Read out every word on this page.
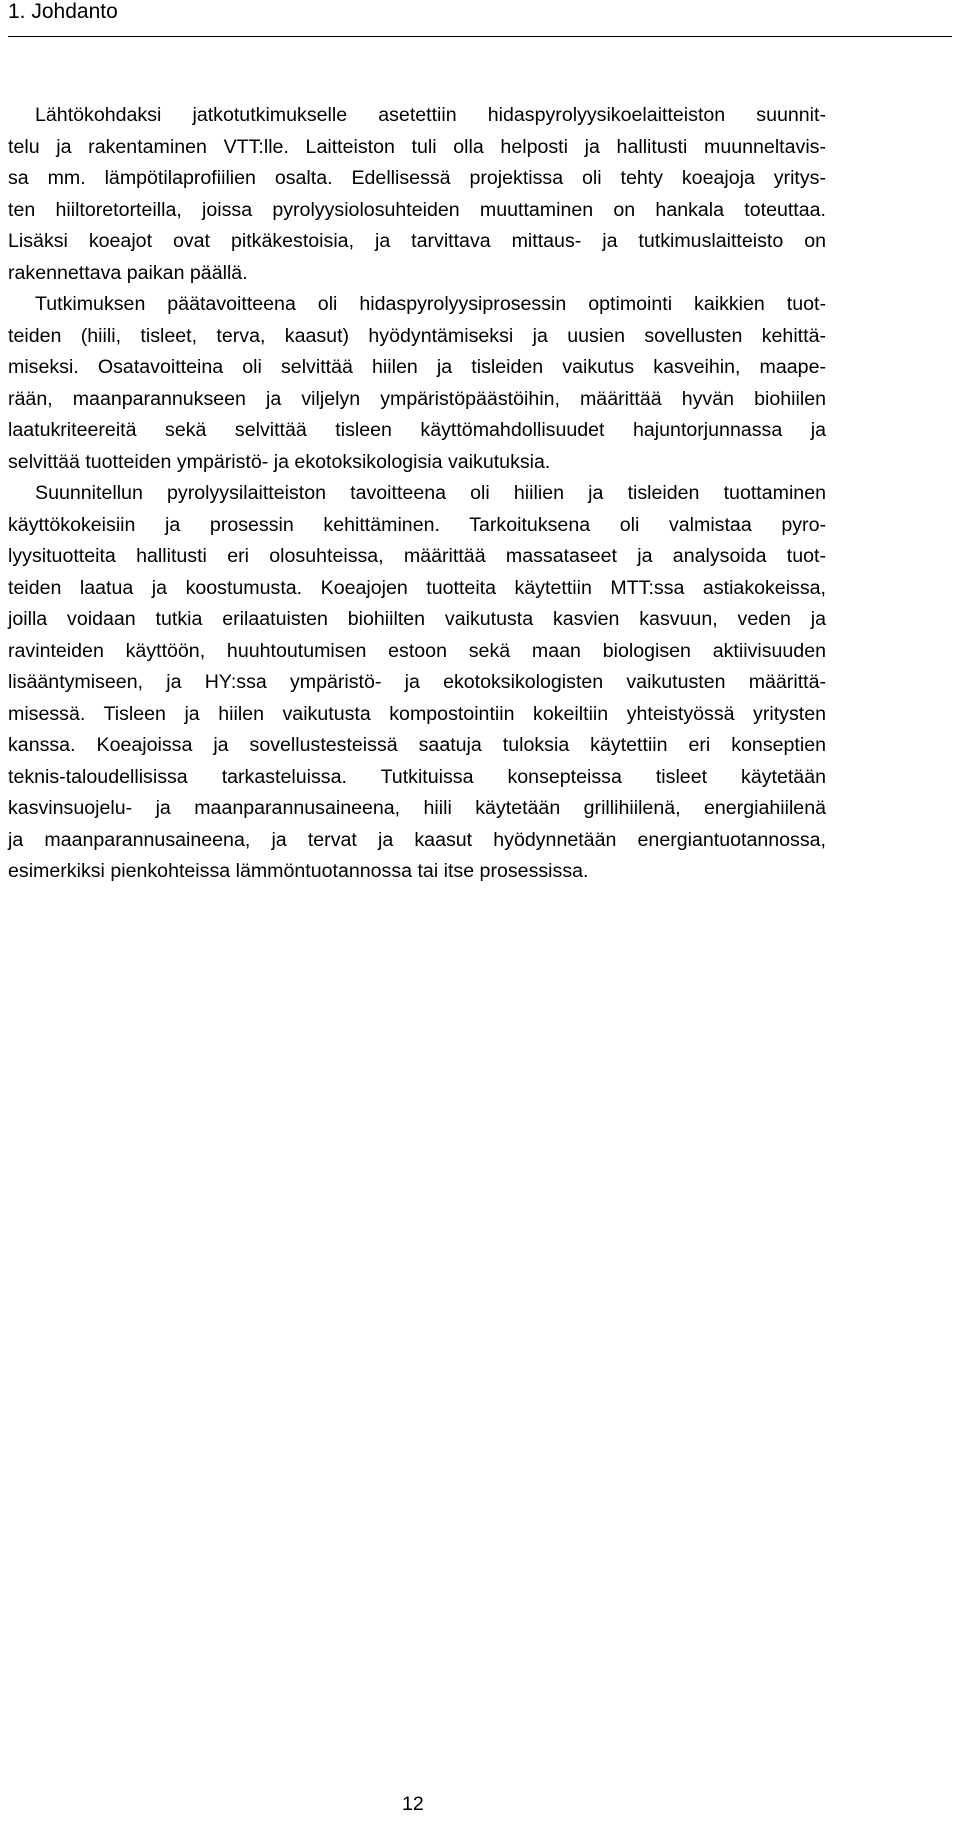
1. Johdanto
Lähtökohdaksi jatkotutkimukselle asetettiin hidaspyrolyysikoelaitteiston suunnit-
telu ja rakentaminen VTT:lle. Laitteiston tuli olla helposti ja hallitusti muunneltavis-
sa mm. lämpötilaprofiilien osalta. Edellisessä projektissa oli tehty koeajoja yritys-
ten hiiltoretorteilla, joissa pyrolyysiolosuhteiden muuttaminen on hankala toteuttaa.
Lisäksi koeajot ovat pitkäkestoisia, ja tarvittava mittaus- ja tutkimuslaitteisto on
rakennettava paikan päällä.
Tutkimuksen päätavoitteena oli hidaspyrolyysiprosessin optimointi kaikkien tuot-
teiden (hiili, tisleet, terva, kaasut) hyödyntämiseksi ja uusien sovellusten kehittä-
miseksi. Osatavoitteina oli selvittää hiilen ja tisleiden vaikutus kasveihin, maape-
rään, maanparannukseen ja viljelyn ympäristöpäästöihin, määrittää hyvän biohiilen
laatukriteereitä sekä selvittää tisleen käyttömahdollisuudet hajuntorjunnassa ja
selvittää tuotteiden ympäristö- ja ekotoksikologisia vaikutuksia.
Suunnitellun pyrolyysilaitteiston tavoitteena oli hiilien ja tisleiden tuottaminen
käyttökokeisiin ja prosessin kehittäminen. Tarkoituksena oli valmistaa pyro-
lyysituotteita hallitusti eri olosuhteissa, määrittää massataseet ja analysoida tuot-
teiden laatua ja koostumusta. Koeajojen tuotteita käytettiin MTT:ssa astiakokeissa,
joilla voidaan tutkia erilaatuisten biohiilten vaikutusta kasvien kasvuun, veden ja
ravinteiden käyttöön, huuhtoutumisen estoon sekä maan biologisen aktiivisuuden
lisääntymiseen, ja HY:ssa ympäristö- ja ekotoksikologisten vaikutusten määrittä-
misessä. Tisleen ja hiilen vaikutusta kompostointiin kokeiltiin yhteistyössä yritysten
kanssa. Koeajoissa ja sovellustesteissä saatuja tuloksia käytettiin eri konseptien
teknis-taloudellisissa tarkasteluissa. Tutkituissa konsepteissa tisleet käytetään
kasvinsuojelu- ja maanparannusaineena, hiili käytetään grillihiilenä, energiahiilenä
ja maanparannusaineena, ja tervat ja kaasut hyödynnetään energiantuotannossa,
esimerkiksi pienkohteissa lämmöntuotannossa tai itse prosessissa.
12
